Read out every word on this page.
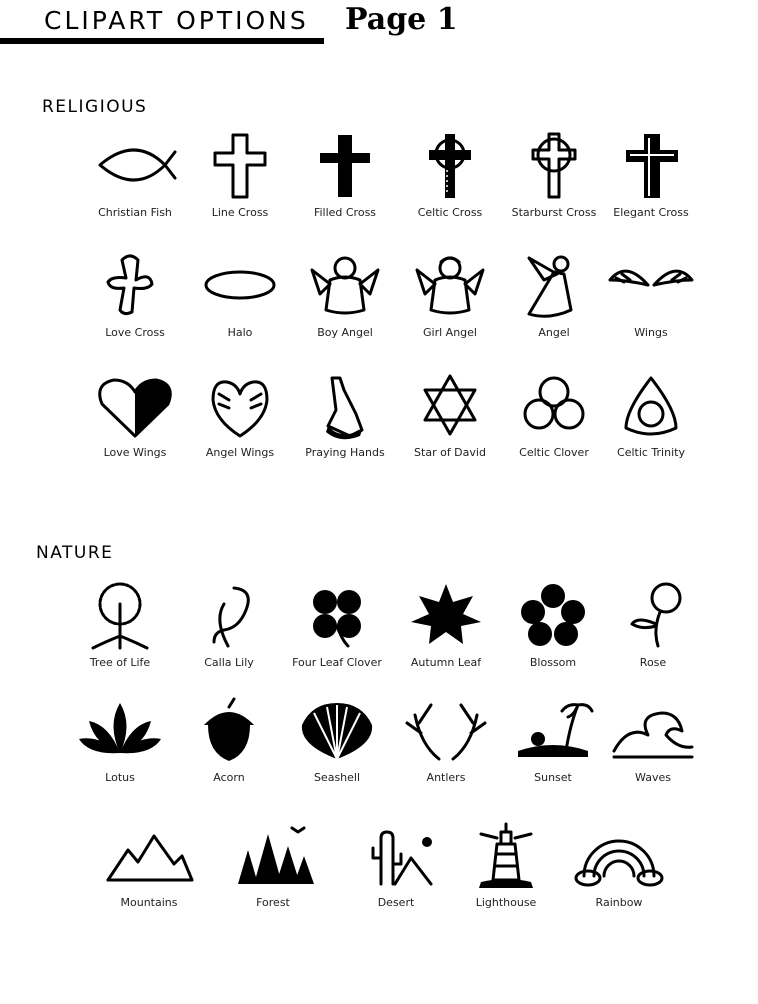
CLIPART OPTIONS Page 1
RELIGIOUS
NATURE
Christian Fish	Line Cross	Filled Cross	Celtic Cross	Starburst Cross	Elegant Cross
Love Cross	Halo	Boy Angel	Girl Angel	Angel	Wings
Love Wings	Angel Wings	Praying Hands	Star of David	Celtic Clover	Celtic Trinity
Tree of Life	Calla Lily	Four Leaf Clover	Autumn Leaf	Blossom	Rose
Lotus	Acorn	Seashell	Antlers	Sunset	Waves
Mountains	Forest	Desert	Lighthouse	Rainbow
